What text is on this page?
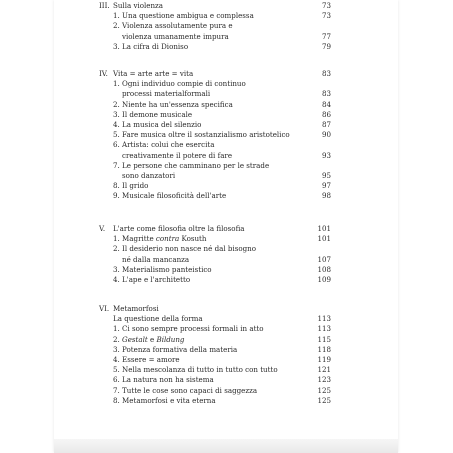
III. Sulla violenza	73
1. Una questione ambigua e complessa	73
2. Violenza assolutamente pura e
violenza umanamente impura	77
3. La cifra di Dioniso	79
IV. Vita = arte arte = vita	83
1. Ogni individuo compie di continuo
processi materialformali	83
2. Niente ha un'essenza specifica	84
3. Il demone musicale	86
4. La musica del silenzio	87
5. Fare musica oltre il sostanzialismo aristotelico	90
6. Artista: colui che esercita
creativamente il potere di fare	93
7. Le persone che camminano per le strade
sono danzatori	95
8. Il grido	97
9. Musicale filosoficità dell'arte	98
V. L'arte come filosofia oltre la filosofia	101
1. Magritte contra Kosuth	101
2. Il desiderio non nasce né dal bisogno
né dalla mancanza	107
3. Materialismo panteistico	108
4. L'ape e l'architetto	109
VI. Metamorfosi
La questione della forma	113
1. Ci sono sempre processi formali in atto	113
2. Gestalt e Bildung	115
3. Potenza formativa della materia	118
4. Essere = amore	119
5. Nella mescolanza di tutto in tutto con tutto	121
6. La natura non ha sistema	123
7. Tutte le cose sono capaci di saggezza	125
8. Metamorfosi e vita eterna	125
